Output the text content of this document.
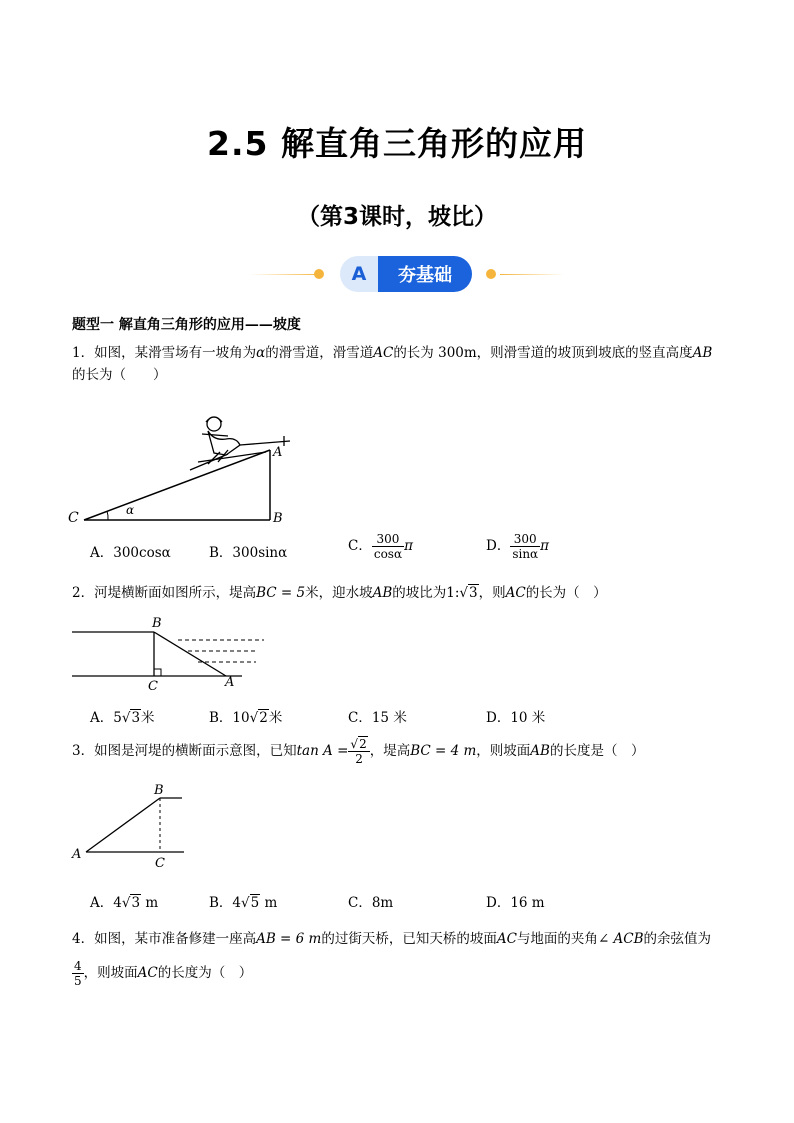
2.5 解直角三角形的应用
（第3课时，坡比）
A	夯基础
题型一 解直角三角形的应用——坡度
1．如图，某滑雪场有一坡角为α的滑雪道，滑雪道AC的长为 300m，则滑雪道的坡顶到坡底的竖直高度AB
的长为（　　）
C	B
A
α
A．300cosα	B．300sinα	C． $\frac{300}{\cos\alpha}$ π	D． $\frac{300}{\sin\alpha}$ π
2．河堤横断面如图所示，堤高BC = 5米，迎水坡AB的坡比为1:√3，则AC的长为（　）
B
C	A
A．5√3米	B．10√2米	C．15 米	D．10 米
3．如图是河堤的横断面示意图，已知$\tan A = \frac{√2}{2}$ ，堤高BC = 4 m，则坡面AB的长度是（　）
B
A
C
A．4√3 m	B．4√5 m	C．8m	D．16 m
4．如图，某市准备修建一座高AB = 6 m的过街天桥，已知天桥的坡面AC与地面的夹角∠ ACB的余弦值为
$\frac{4}{5}$ ，则坡面AC的长度为（　）
